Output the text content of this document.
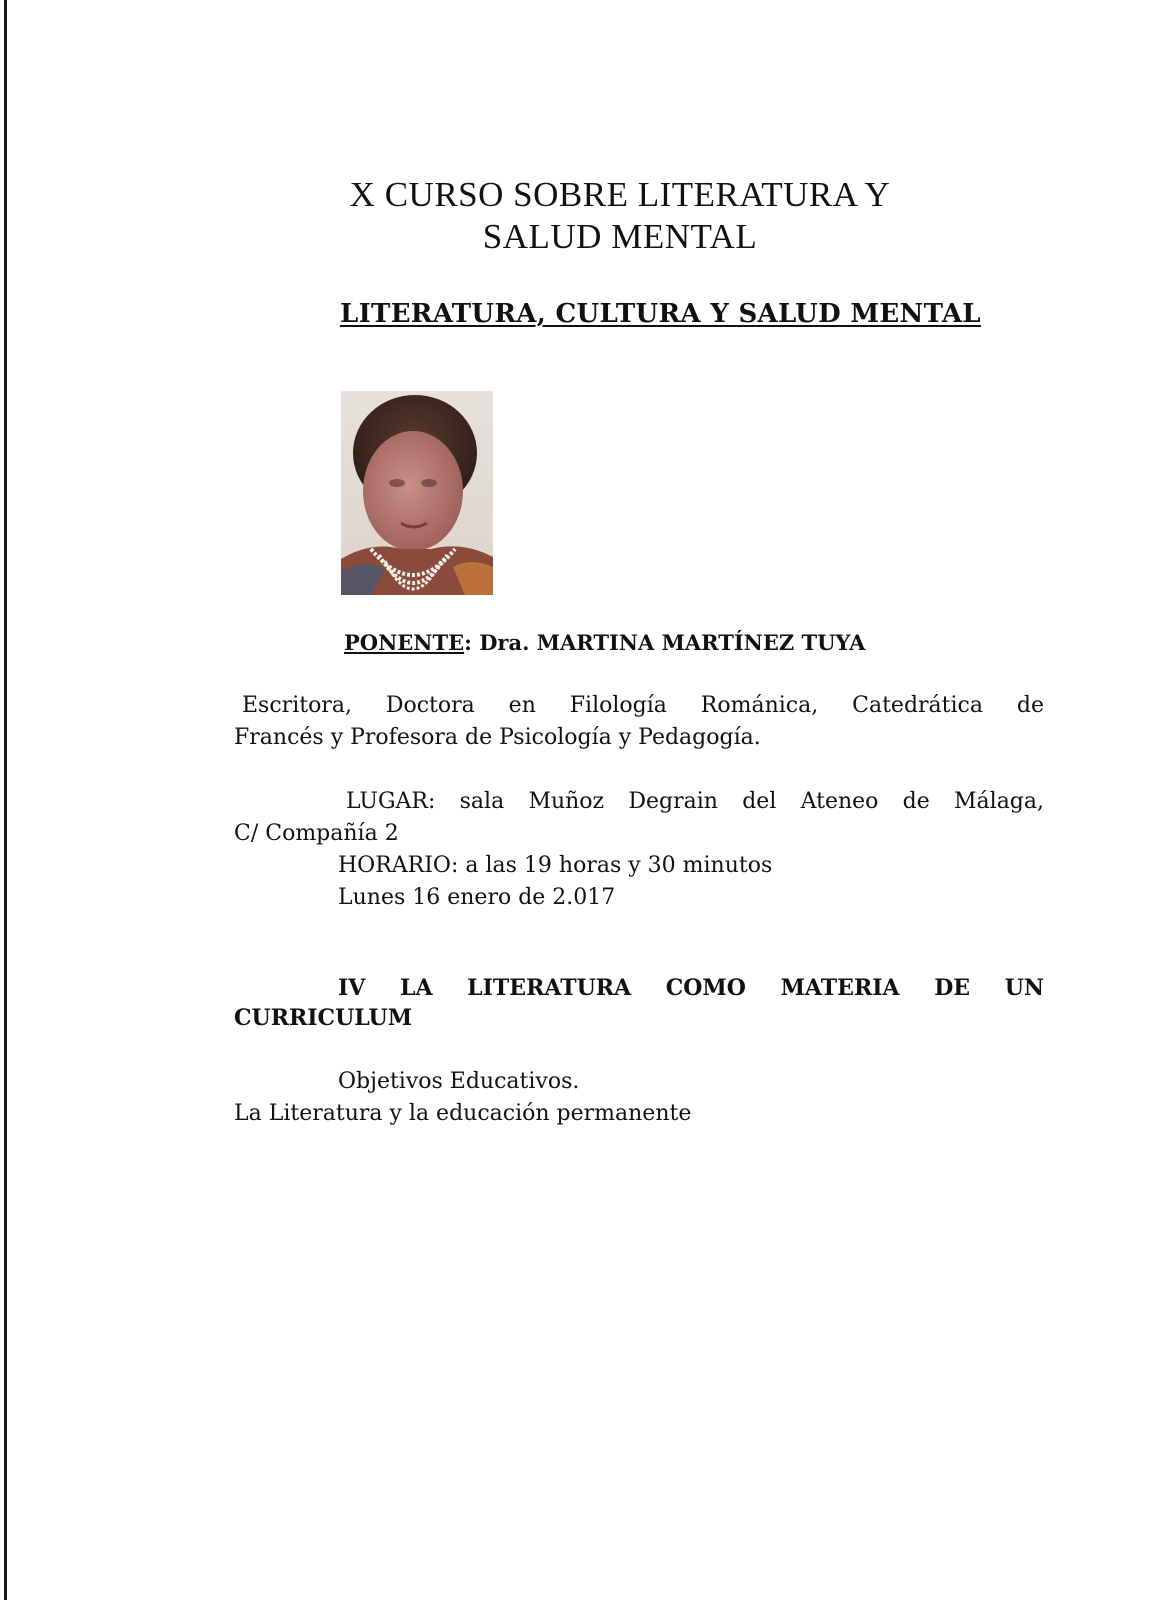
X CURSO SOBRE LITERATURA Y
SALUD MENTAL
LITERATURA, CULTURA Y SALUD MENTAL
PONENTE: Dra. MARTINA MARTÍNEZ TUYA
Escritora, Doctora en Filología Románica, Catedrática de
Francés y Profesora de Psicología y Pedagogía.
LUGAR: sala Muñoz Degrain del Ateneo de Málaga,
C/ Compañía 2
HORARIO: a las 19 horas y 30 minutos
Lunes 16 enero de 2.017
IV LA LITERATURA COMO MATERIA DE UN
CURRICULUM
Objetivos Educativos.
La Literatura y la educación permanente
